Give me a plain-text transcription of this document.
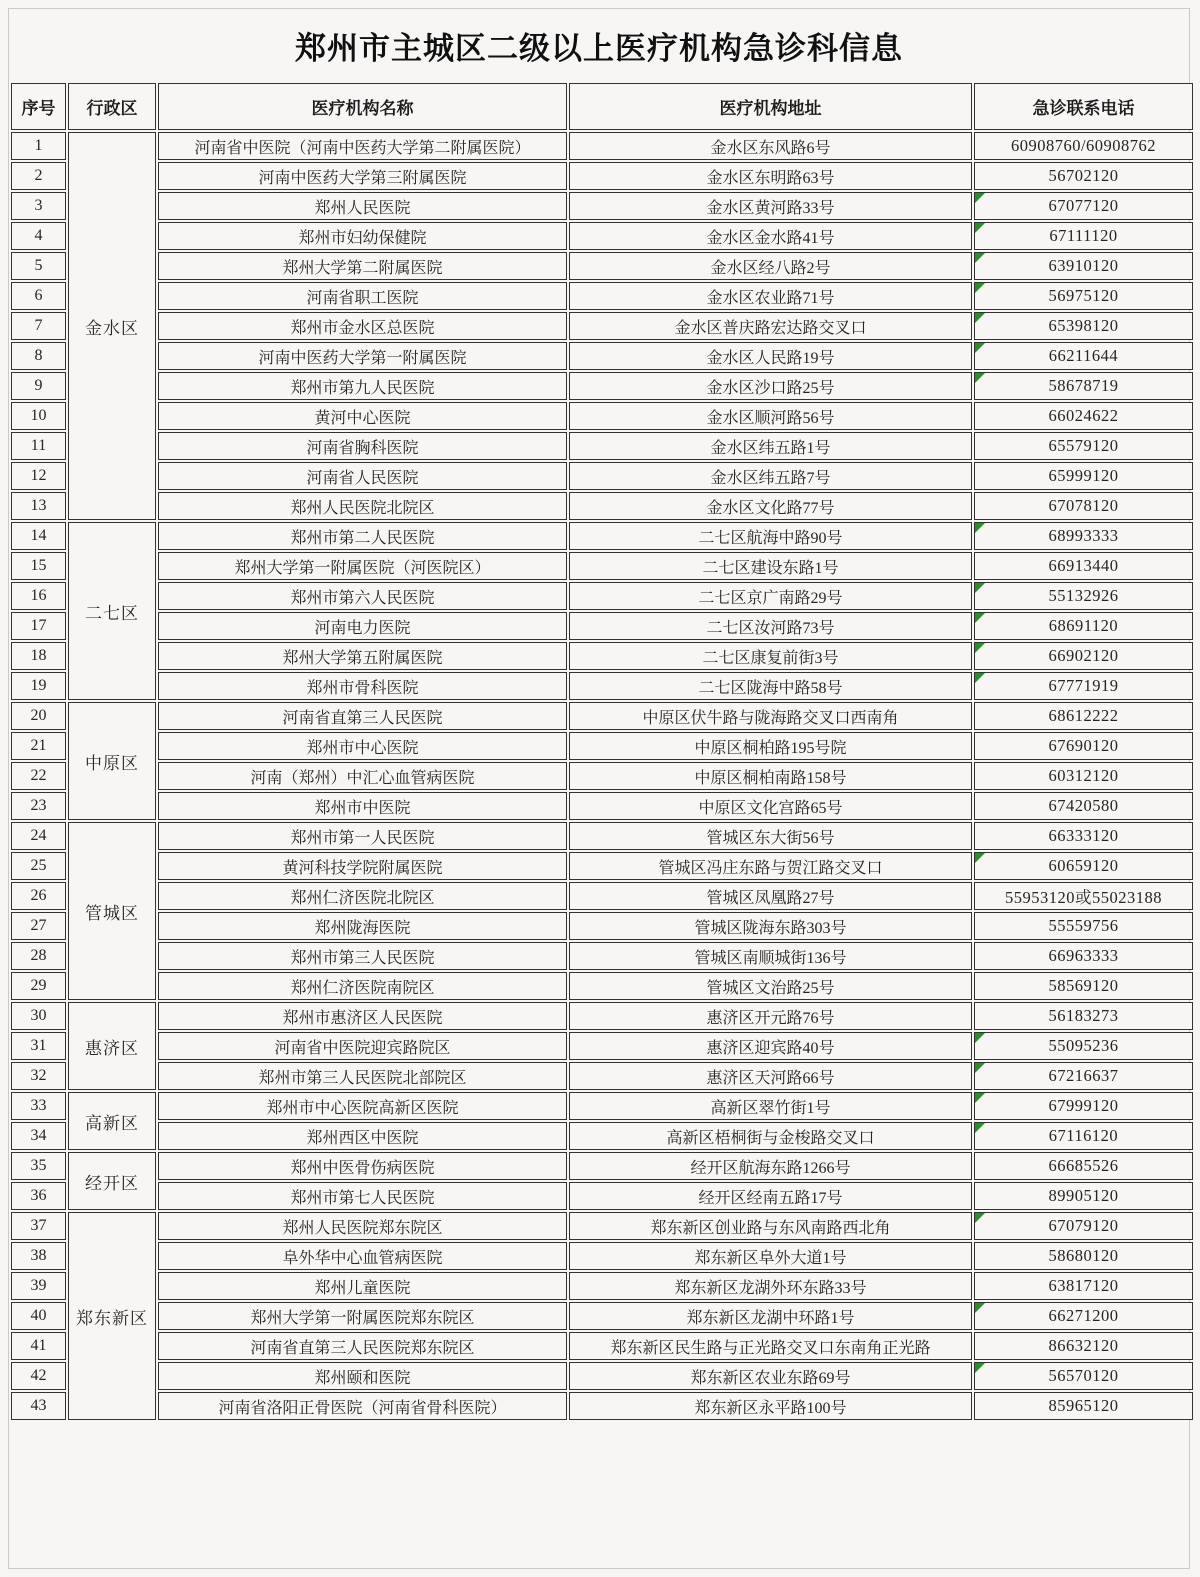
郑州市主城区二级以上医疗机构急诊科信息
序号	行政区	医疗机构名称	医疗机构地址	急诊联系电话
1	金水区	河南省中医院（河南中医药大学第二附属医院）	金水区东风路6号	60908760/60908762
2		河南中医药大学第三附属医院	金水区东明路63号	56702120
3		郑州人民医院	金水区黄河路33号	67077120

4		郑州市妇幼保健院	金水区金水路41号	67111120

5		郑州大学第二附属医院	金水区经八路2号	63910120

6		河南省职工医院	金水区农业路71号	56975120

7		郑州市金水区总医院	金水区普庆路宏达路交叉口	65398120

8		河南中医药大学第一附属医院	金水区人民路19号	66211644

9		郑州市第九人民医院	金水区沙口路25号	58678719

10		黄河中心医院	金水区顺河路56号	66024622
11		河南省胸科医院	金水区纬五路1号	65579120
12		河南省人民医院	金水区纬五路7号	65999120
13		郑州人民医院北院区	金水区文化路77号	67078120
14	二七区	郑州市第二人民医院	二七区航海中路90号	68993333

15		郑州大学第一附属医院（河医院区）	二七区建设东路1号	66913440
16		郑州市第六人民医院	二七区京广南路29号	55132926

17		河南电力医院	二七区汝河路73号	68691120

18		郑州大学第五附属医院	二七区康复前街3号	66902120

19		郑州市骨科医院	二七区陇海中路58号	67771919

20	中原区	河南省直第三人民医院	中原区伏牛路与陇海路交叉口西南角	68612222
21		郑州市中心医院	中原区桐柏路195号院	67690120
22		河南（郑州）中汇心血管病医院	中原区桐柏南路158号	60312120
23		郑州市中医院	中原区文化宫路65号	67420580
24	管城区	郑州市第一人民医院	管城区东大街56号	66333120
25		黄河科技学院附属医院	管城区冯庄东路与贺江路交叉口	60659120

26		郑州仁济医院北院区	管城区凤凰路27号	55953120或55023188
27		郑州陇海医院	管城区陇海东路303号	55559756
28		郑州市第三人民医院	管城区南顺城街136号	66963333
29		郑州仁济医院南院区	管城区文治路25号	58569120
30	惠济区	郑州市惠济区人民医院	惠济区开元路76号	56183273
31		河南省中医院迎宾路院区	惠济区迎宾路40号	55095236

32		郑州市第三人民医院北部院区	惠济区天河路66号	67216637

33	高新区	郑州市中心医院高新区医院	高新区翠竹街1号	67999120

34		郑州西区中医院	高新区梧桐街与金梭路交叉口	67116120

35	经开区	郑州中医骨伤病医院	经开区航海东路1266号	66685526
36		郑州市第七人民医院	经开区经南五路17号	89905120
37	郑东新区	郑州人民医院郑东院区	郑东新区创业路与东风南路西北角	67079120

38		阜外华中心血管病医院	郑东新区阜外大道1号	58680120
39		郑州儿童医院	郑东新区龙湖外环东路33号	63817120
40		郑州大学第一附属医院郑东院区	郑东新区龙湖中环路1号	66271200

41		河南省直第三人民医院郑东院区	郑东新区民生路与正光路交叉口东南角正光路	86632120
42		郑州颐和医院	郑东新区农业东路69号	56570120

43		河南省洛阳正骨医院（河南省骨科医院）	郑东新区永平路100号	85965120
